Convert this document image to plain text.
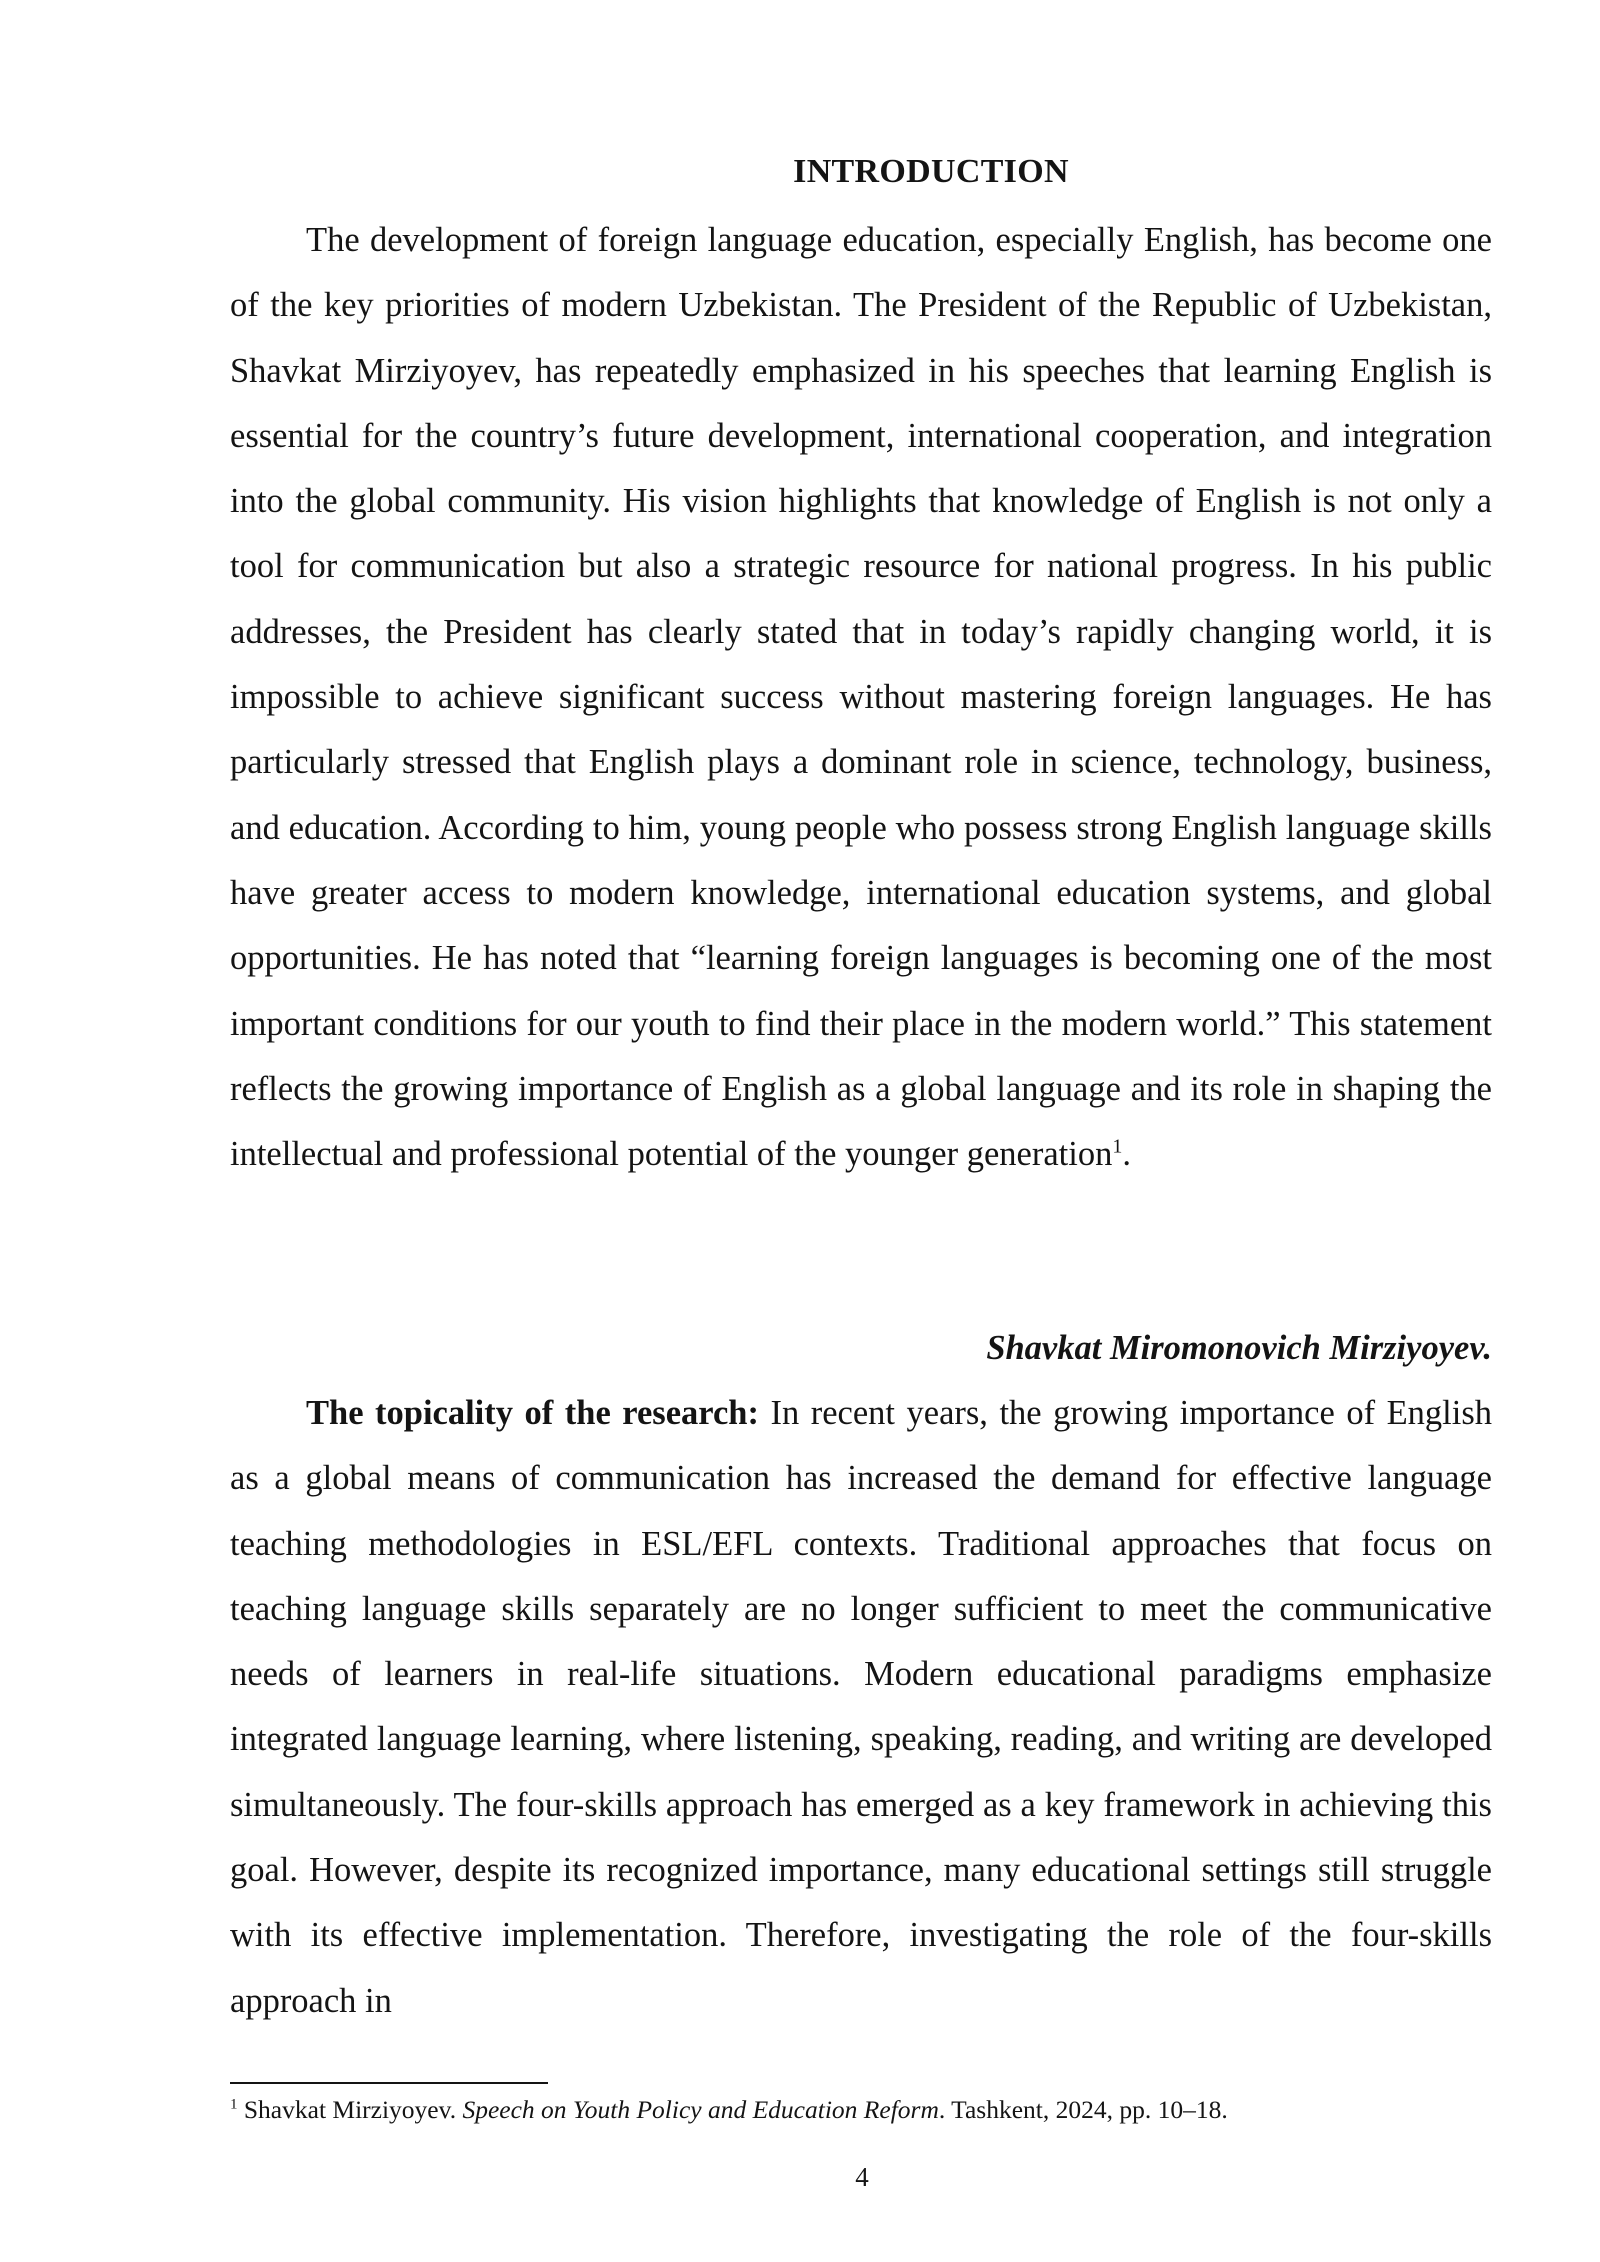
INTRODUCTION

The development of foreign language education, especially English, has become one of the key priorities of modern Uzbekistan. The President of the Republic of Uzbekistan, Shavkat Mirziyoyev, has repeatedly emphasized in his speeches that learning English is essential for the country’s future development, international cooperation, and integration into the global community. His vision highlights that knowledge of English is not only a tool for communication but also a strategic resource for national progress. In his public addresses, the President has clearly stated that in today’s rapidly changing world, it is impossible to achieve significant success without mastering foreign languages. He has particularly stressed that English plays a dominant role in science, technology, business, and education. According to him, young people who possess strong English language skills have greater access to modern knowledge, international education systems, and global opportunities. He has noted that “learning foreign languages is becoming one of the most important conditions for our youth to find their place in the modern world.” This statement reflects the growing importance of English as a global language and its role in shaping the intellectual and professional potential of the younger generation$^1$.

Shavkat Miromonovich Mirziyoyev.

The topicality of the research: In recent years, the growing importance of English as a global means of communication has increased the demand for effective language teaching methodologies in ESL/EFL contexts. Traditional approaches that focus on teaching language skills separately are no longer sufficient to meet the communicative needs of learners in real-life situations. Modern educational paradigms emphasize integrated language learning, where listening, speaking, reading, and writing are developed simultaneously. The four-skills approach has emerged as a key framework in achieving this goal. However, despite its recognized importance, many educational settings still struggle with its effective implementation. Therefore, investigating the role of the four-skills approach in

$^1$ Shavkat Mirziyoyev. Speech on Youth Policy and Education Reform. Tashkent, 2024, pp. 10–18.
4
